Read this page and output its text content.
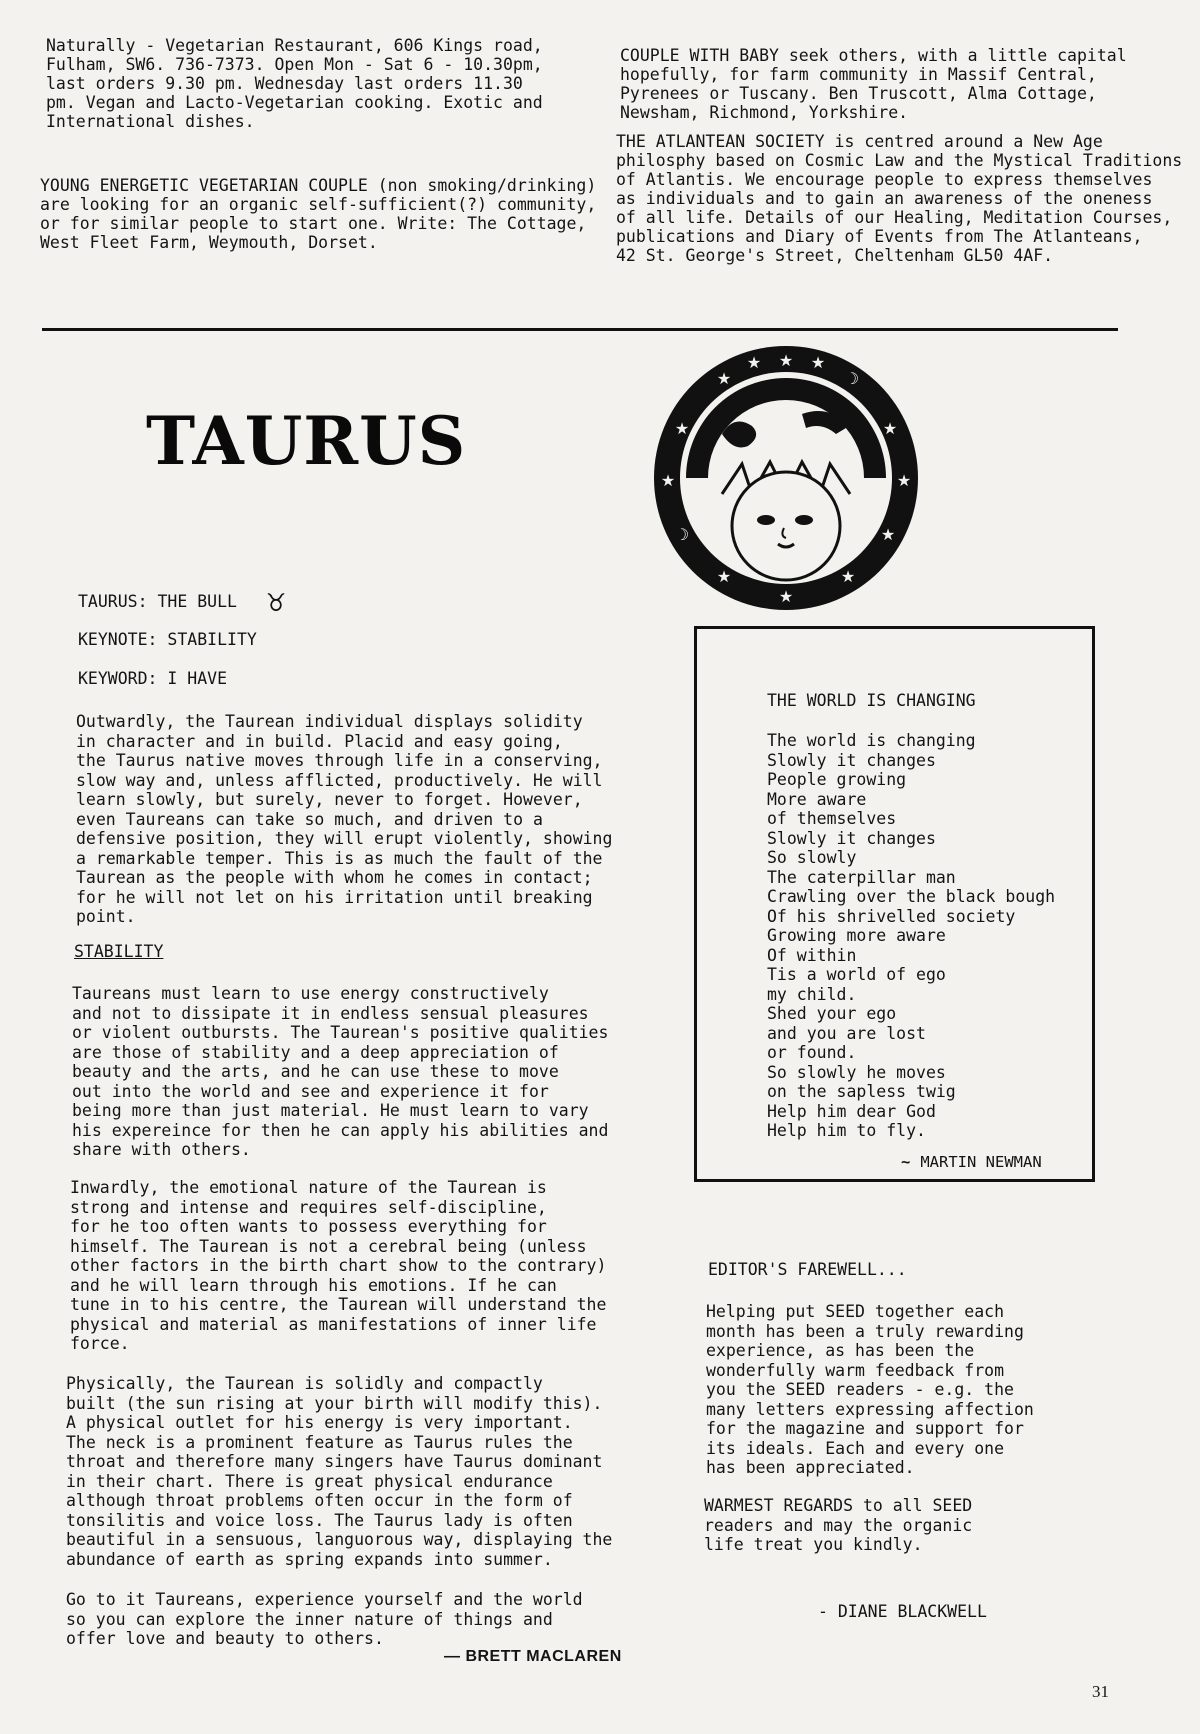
Naturally - Vegetarian Restaurant, 606 Kings road,
Fulham, SW6. 736-7373. Open Mon - Sat 6 - 10.30pm,
last orders 9.30 pm. Wednesday last orders 11.30
pm. Vegan and Lacto-Vegetarian cooking. Exotic and
International dishes.
YOUNG ENERGETIC VEGETARIAN COUPLE (non smoking/drinking)
are looking for an organic self-sufficient(?) community,
or for similar people to start one. Write: The Cottage,
West Fleet Farm, Weymouth, Dorset.
COUPLE WITH BABY seek others, with a little capital
hopefully, for farm community in Massif Central,
Pyrenees or Tuscany. Ben Truscott, Alma Cottage,
Newsham, Richmond, Yorkshire.
THE ATLANTEAN SOCIETY is centred around a New Age
philosphy based on Cosmic Law and the Mystical Traditions
of Atlantis. We encourage people to express themselves
as individuals and to gain an awareness of the oneness
of all life. Details of our Healing, Meditation Courses,
publications and Diary of Events from The Atlanteans,
42 St. George's Street, Cheltenham GL50 4AF.
TAURUS
★
☽
★
★
★
★
★
★
☽
★
★
★
★	★
TAURUS: THE BULL ♉
KEYNOTE: STABILITY
KEYWORD: I HAVE
Outwardly, the Taurean individual displays solidity
in character and in build. Placid and easy going,
the Taurus native moves through life in a conserving,
slow way and, unless afflicted, productively. He will
learn slowly, but surely, never to forget. However,
even Taureans can take so much, and driven to a
defensive position, they will erupt violently, showing
a remarkable temper. This is as much the fault of the
Taurean as the people with whom he comes in contact;
for he will not let on his irritation until breaking
point.
STABILITY
Taureans must learn to use energy constructively
and not to dissipate it in endless sensual pleasures
or violent outbursts. The Taurean's positive qualities
are those of stability and a deep appreciation of
beauty and the arts, and he can use these to move
out into the world and see and experience it for
being more than just material. He must learn to vary
his expereince for then he can apply his abilities and
share with others.
Inwardly, the emotional nature of the Taurean is
strong and intense and requires self-discipline,
for he too often wants to possess everything for
himself. The Taurean is not a cerebral being (unless
other factors in the birth chart show to the contrary)
and he will learn through his emotions. If he can
tune in to his centre, the Taurean will understand the
physical and material as manifestations of inner life
force.
Physically, the Taurean is solidly and compactly
built (the sun rising at your birth will modify this).
A physical outlet for his energy is very important.
The neck is a prominent feature as Taurus rules the
throat and therefore many singers have Taurus dominant
in their chart. There is great physical endurance
although throat problems often occur in the form of
tonsilitis and voice loss. The Taurus lady is often
beautiful in a sensuous, languorous way, displaying the
abundance of earth as spring expands into summer.
Go to it Taureans, experience yourself and the world
so you can explore the inner nature of things and
offer love and beauty to others.
— BRETT MACLAREN
THE WORLD IS CHANGING
The world is changing
Slowly it changes
People growing
More aware
of themselves
Slowly it changes
So slowly
The caterpillar man
Crawling over the black bough
Of his shrivelled society
Growing more aware
Of within
Tis a world of ego
my child.
Shed your ego
and you are lost
or found.
So slowly he moves
on the sapless twig
Help him dear God
Help him to fly.
~ MARTIN NEWMAN
EDITOR'S FAREWELL...
Helping put SEED together each
month has been a truly rewarding
experience, as has been the
wonderfully warm feedback from
you the SEED readers - e.g. the
many letters expressing affection
for the magazine and support for
its ideals. Each and every one
has been appreciated.
WARMEST REGARDS to all SEED
readers and may the organic
life treat you kindly.
- DIANE BLACKWELL
31
